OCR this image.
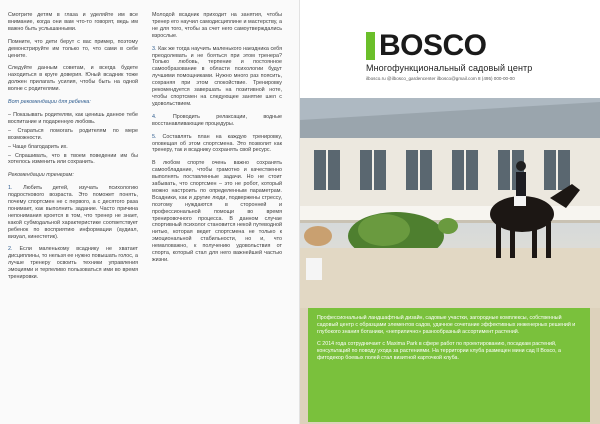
Смотрите детям в глаза и уделяйте им все внимание, когда они вам что-то говорят, ведь им важно быть услышанными.

Помните, что дети берут с вас пример, поэтому демонстрируйте им только то, что сами в себе цените.

Следуйте данным советам, и всегда будете находиться в круге доверия. Юный всадник тоже должен прилагать усилия, чтобы быть на одной волне с родителями.

Вот рекомендации для ребенка:

– Показывать родителям, как ценишь данное тебе воспитание и подаренную любовь.

– Стараться помогать родителям по мере возможности.

– Чаще благодарить их.

– Спрашивать, что в твоем поведении им бы хотелось изменить или сохранить.

Рекомендации тренерам:

1. Любить детей, изучать психологию подросткового возраста. Это поможет понять, почему спортсмен не с первого, а с десятого раза понимает, как выполнить задание. Часто причина непонимания кроется в том, что тренер не знает, какой субмодальной характеристике соответствует ребенок по восприятию информации (аудиал, визуал, кинестетик).

2. Если маленькому всаднику не хватает дисциплины, то нельзя ее нужно повышать голос, а лучше тренеру освоить техники управления эмоциями и терпеливо пользоваться ими во время тренировки.

Молодой всадник приходит на занятия, чтобы тренер его научил самодисциплине и мастерству, а не для того, чтобы за счет него самоутверждались взрослые.

3. Как же тогда научить маленького наездника себя преодолевать и не бояться при этом тренера? Только любовь, терпение и постоянное самообразование в области психологии будут лучшими помощниками. Нужно много раз поясить, сохраняя при этом спокойствие. Тренировку рекомендуется завершать на позитивной ноте, чтобы спортсмен на следующее занятие шел с удовольствием.

4.	Проводить релаксации, водные восстанавливающие процедуры.

5. Составлять план на каждую тренировку, оповещая об этом спортсмена. Это позволит как тренеру, так и всаднику сохранять свой ресурс.

В любом спорте очень важно сохранять самообладание, чтобы грамотно и качественно выполнять поставленные задачи. Но не стоит забывать, что спортсмен – это не робот, который можно настроить по определенным параметрам. Всадники, как и другие люди, подвержены стрессу, поэтому нуждаются в сторонней и профессиональной помощи во время тренировочного процесса. В данном случае спортивный психолог становится некой путеводной нитью, которая ведет спортсмена не только к эмоциональной стабильности, но и, что немаловажно, к получению удовольствия от спорта, который стал для него важнейшей частью жизни.

BOSCO
Многофункциональный садовый центр
ilbosco.ru @ilbosco_gardencenter ilbosco@gmail.com 8 (495) 000-00-00

Профессиональный ландшафтный дизайн, садовые участки, загородные комплексы, собственный садовый центр с образцами элементов садов, удачное сочетание эффективных инженерных решений и глубокого знания ботаники, «неприлично» разнообразный ассортимент растений.

С 2014 года сотрудничает с Maxima Park в сфере работ по проектированию, посадкам растений, консультаций по поводу ухода за растениями. На территории клуба размещен мини сад Il Bosco, а фитодекор боевых полей стал визитной карточкой клуба.
